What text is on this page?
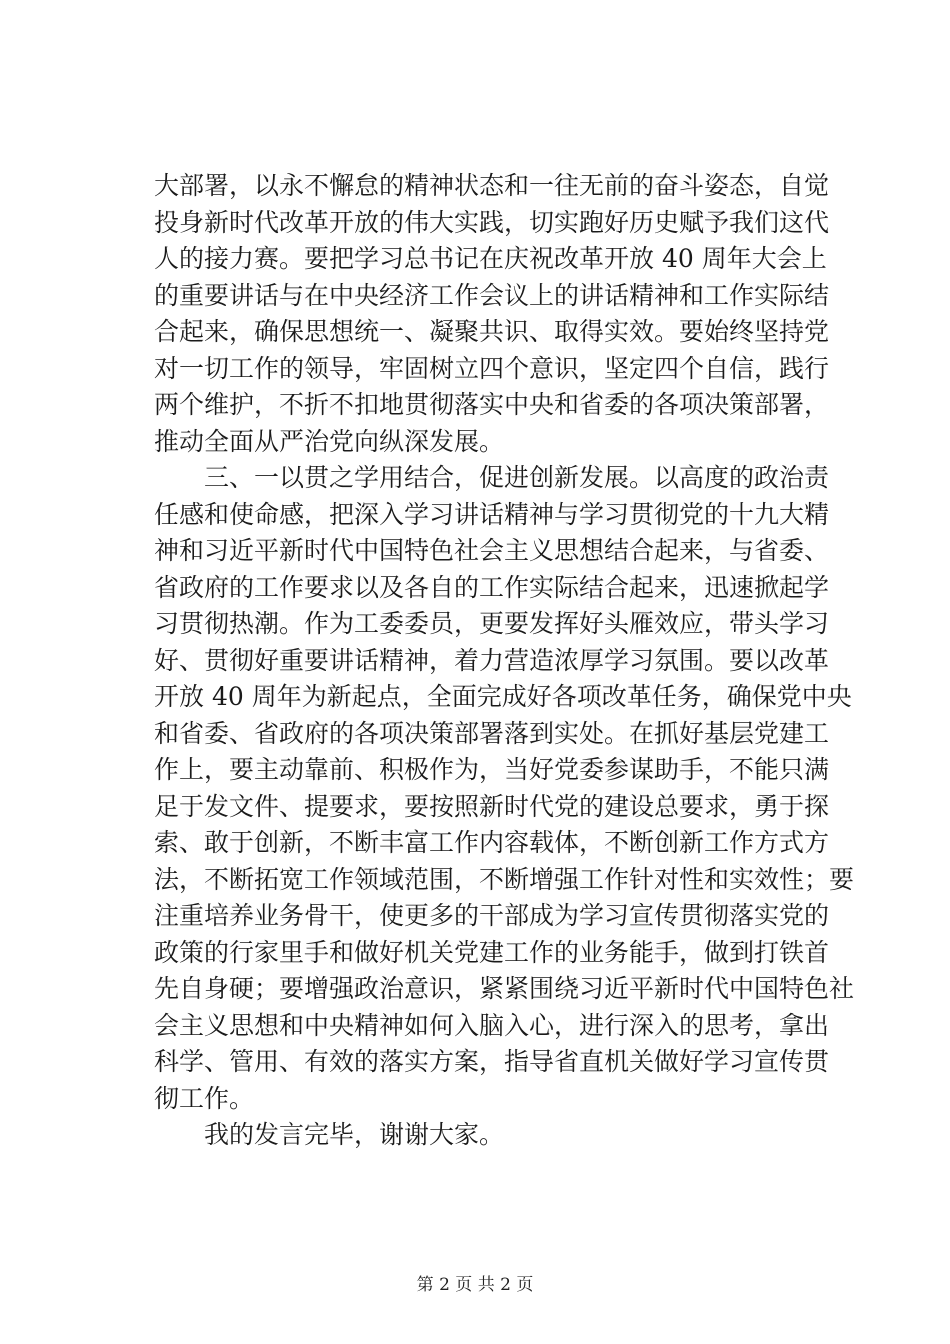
大部署，以永不懈怠的精神状态和一往无前的奋斗姿态，自觉
投身新时代改革开放的伟大实践，切实跑好历史赋予我们这代
人的接力赛。要把学习总书记在庆祝改革开放 40 周年大会上
的重要讲话与在中央经济工作会议上的讲话精神和工作实际结
合起来，确保思想统一、凝聚共识、取得实效。要始终坚持党
对一切工作的领导，牢固树立四个意识，坚定四个自信，践行
两个维护，不折不扣地贯彻落实中央和省委的各项决策部署，
推动全面从严治党向纵深发展。
　　三、一以贯之学用结合，促进创新发展。以高度的政治责
任感和使命感，把深入学习讲话精神与学习贯彻党的十九大精
神和习近平新时代中国特色社会主义思想结合起来，与省委、
省政府的工作要求以及各自的工作实际结合起来，迅速掀起学
习贯彻热潮。作为工委委员，更要发挥好头雁效应，带头学习
好、贯彻好重要讲话精神，着力营造浓厚学习氛围。要以改革
开放 40 周年为新起点，全面完成好各项改革任务，确保党中央
和省委、省政府的各项决策部署落到实处。在抓好基层党建工
作上，要主动靠前、积极作为，当好党委参谋助手，不能只满
足于发文件、提要求，要按照新时代党的建设总要求，勇于探
索、敢于创新，不断丰富工作内容载体，不断创新工作方式方
法，不断拓宽工作领域范围，不断增强工作针对性和实效性；要
注重培养业务骨干，使更多的干部成为学习宣传贯彻落实党的
政策的行家里手和做好机关党建工作的业务能手，做到打铁首
先自身硬；要增强政治意识，紧紧围绕习近平新时代中国特色社
会主义思想和中央精神如何入脑入心，进行深入的思考，拿出
科学、管用、有效的落实方案，指导省直机关做好学习宣传贯
彻工作。
　　我的发言完毕，谢谢大家。
第 2 页 共 2 页
